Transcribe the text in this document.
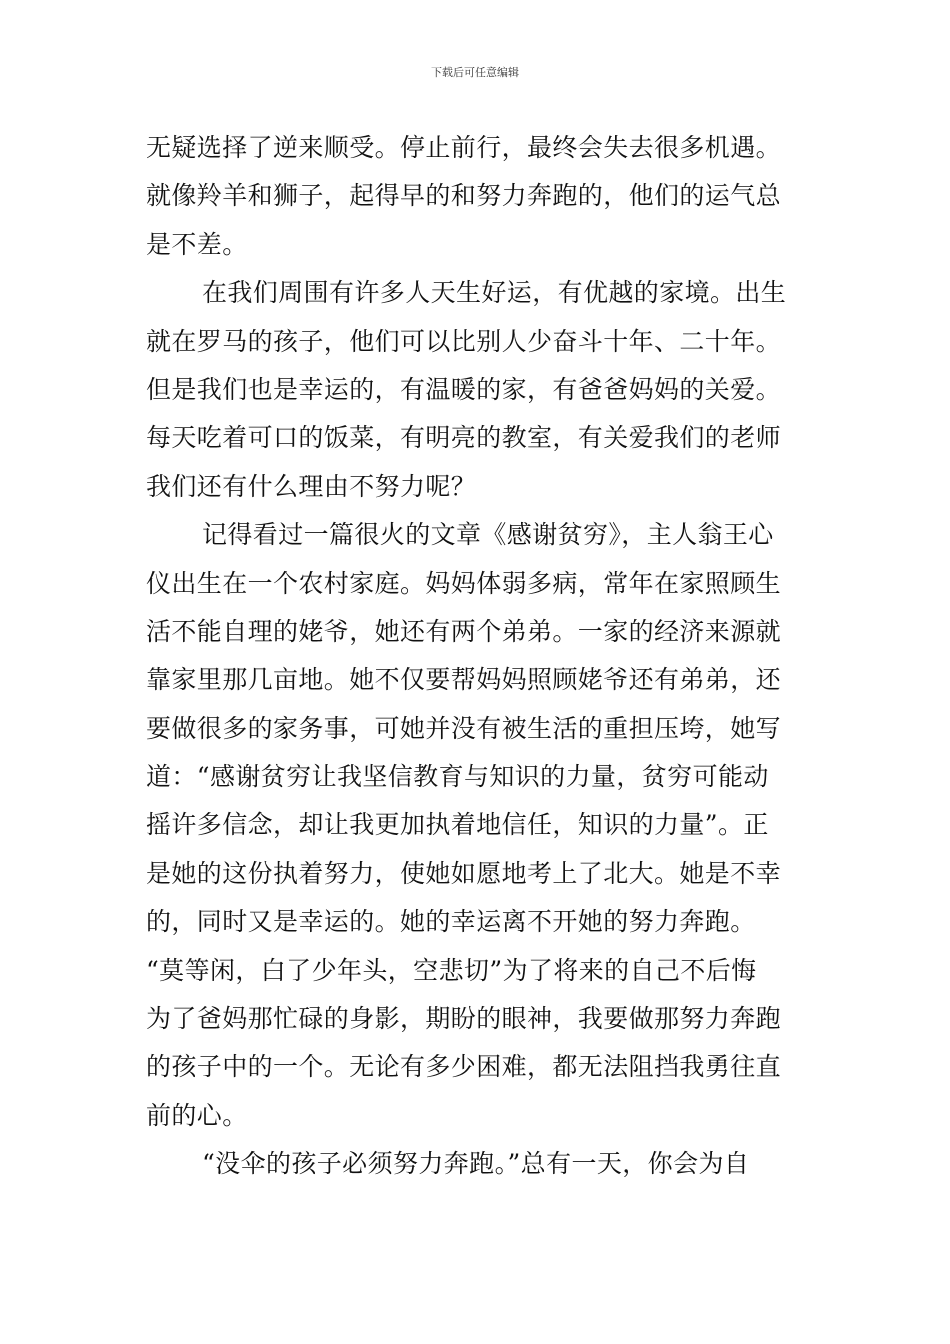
下载后可任意编辑
无疑选择了逆来顺受。停止前行，最终会失去很多机遇。
就像羚羊和狮子，起得早的和努力奔跑的，他们的运气总
是不差。
在我们周围有许多人天生好运，有优越的家境。出生
就在罗马的孩子，他们可以比别人少奋斗十年、二十年。
但是我们也是幸运的，有温暖的家，有爸爸妈妈的关爱。
每天吃着可口的饭菜，有明亮的教室，有关爱我们的老师
我们还有什么理由不努力呢？
记得看过一篇很火的文章《感谢贫穷》，主人翁王心
仪出生在一个农村家庭。妈妈体弱多病，常年在家照顾生
活不能自理的姥爷，她还有两个弟弟。一家的经济来源就
靠家里那几亩地。她不仅要帮妈妈照顾姥爷还有弟弟，还
要做很多的家务事，可她并没有被生活的重担压垮，她写
道：“感谢贫穷让我坚信教育与知识的力量，贫穷可能动
摇许多信念，却让我更加执着地信任，知识的力量”。正
是她的这份执着努力，使她如愿地考上了北大。她是不幸
的，同时又是幸运的。她的幸运离不开她的努力奔跑。
“莫等闲，白了少年头，空悲切”为了将来的自己不后悔
为了爸妈那忙碌的身影，期盼的眼神，我要做那努力奔跑
的孩子中的一个。无论有多少困难，都无法阻挡我勇往直
前的心。
“没伞的孩子必须努力奔跑。”总有一天，你会为自
